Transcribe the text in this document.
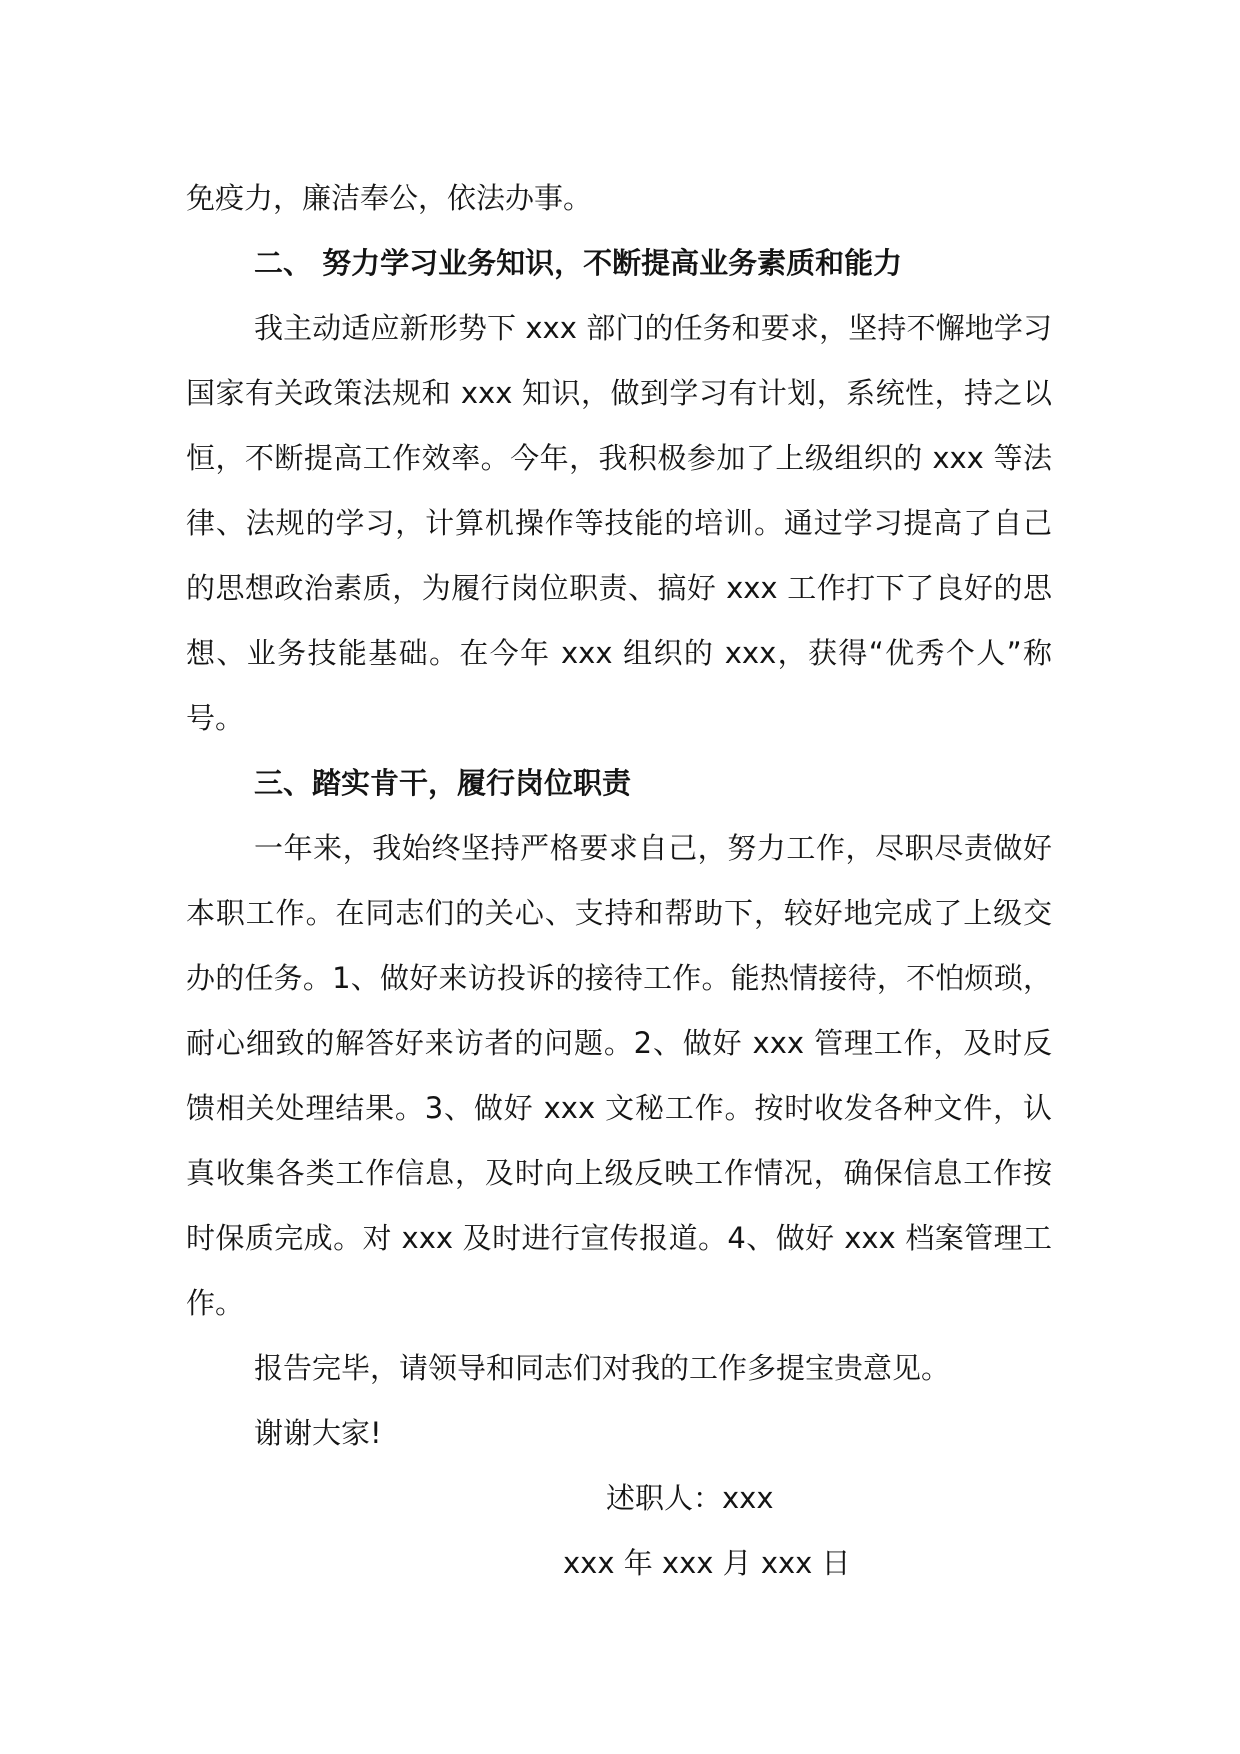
免疫力，廉洁奉公，依法办事。

二、 努力学习业务知识，不断提高业务素质和能力

我主动适应新形势下 xxx 部门的任务和要求，坚持不懈地学习

国家有关政策法规和 xxx 知识，做到学习有计划，系统性，持之以

恒，不断提高工作效率。今年，我积极参加了上级组织的 xxx 等法

律、法规的学习，计算机操作等技能的培训。通过学习提高了自己

的思想政治素质，为履行岗位职责、搞好 xxx 工作打下了良好的思

想、业务技能基础。在今年 xxx 组织的 xxx，获得“优秀个人”称

号。

三、踏实肯干，履行岗位职责

一年来，我始终坚持严格要求自己，努力工作，尽职尽责做好

本职工作。在同志们的关心、支持和帮助下，较好地完成了上级交

办的任务。1、做好来访投诉的接待工作。能热情接待，不怕烦琐，

耐心细致的解答好来访者的问题。2、做好 xxx 管理工作，及时反

馈相关处理结果。3、做好 xxx 文秘工作。按时收发各种文件，认

真收集各类工作信息，及时向上级反映工作情况，确保信息工作按

时保质完成。对 xxx 及时进行宣传报道。4、做好 xxx 档案管理工

作。

报告完毕，请领导和同志们对我的工作多提宝贵意见。

谢谢大家!

述职人：xxx

xxx 年 xxx 月 xxx 日
